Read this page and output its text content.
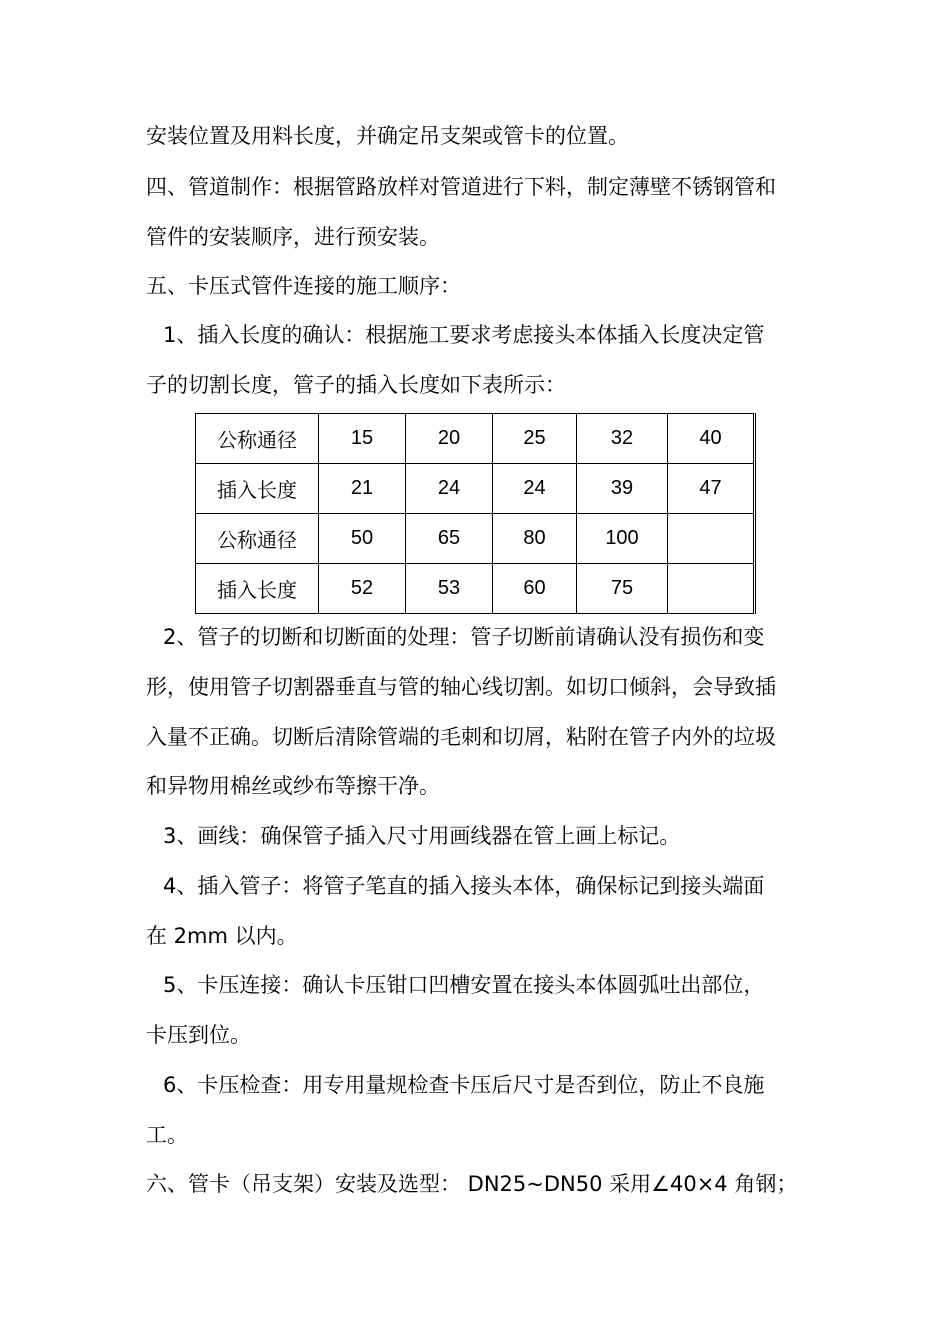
安装位置及用料长度，并确定吊支架或管卡的位置。
四、管道制作：根据管路放样对管道进行下料，制定薄壁不锈钢管和
管件的安装顺序，进行预安装。
五、卡压式管件连接的施工顺序：
1、插入长度的确认：根据施工要求考虑接头本体插入长度决定管
子的切割长度，管子的插入长度如下表所示：
公称通径	15	20	25	32	40
插入长度	21	24	24	39	47
公称通径	50	65	80	100	
插入长度	52	53	60	75	
2、管子的切断和切断面的处理：管子切断前请确认没有损伤和变
形，使用管子切割器垂直与管的轴心线切割。如切口倾斜，会导致插
入量不正确。切断后清除管端的毛刺和切屑，粘附在管子内外的垃圾
和异物用棉丝或纱布等擦干净。
3、画线：确保管子插入尺寸用画线器在管上画上标记。
4、插入管子：将管子笔直的插入接头本体，确保标记到接头端面
在 2mm 以内。
5、卡压连接：确认卡压钳口凹槽安置在接头本体圆弧吐出部位，
卡压到位。
6、卡压检查：用专用量规检查卡压后尺寸是否到位，防止不良施
工。
六、管卡（吊支架）安装及选型： DN25~DN50 采用∠40×4 角钢；
